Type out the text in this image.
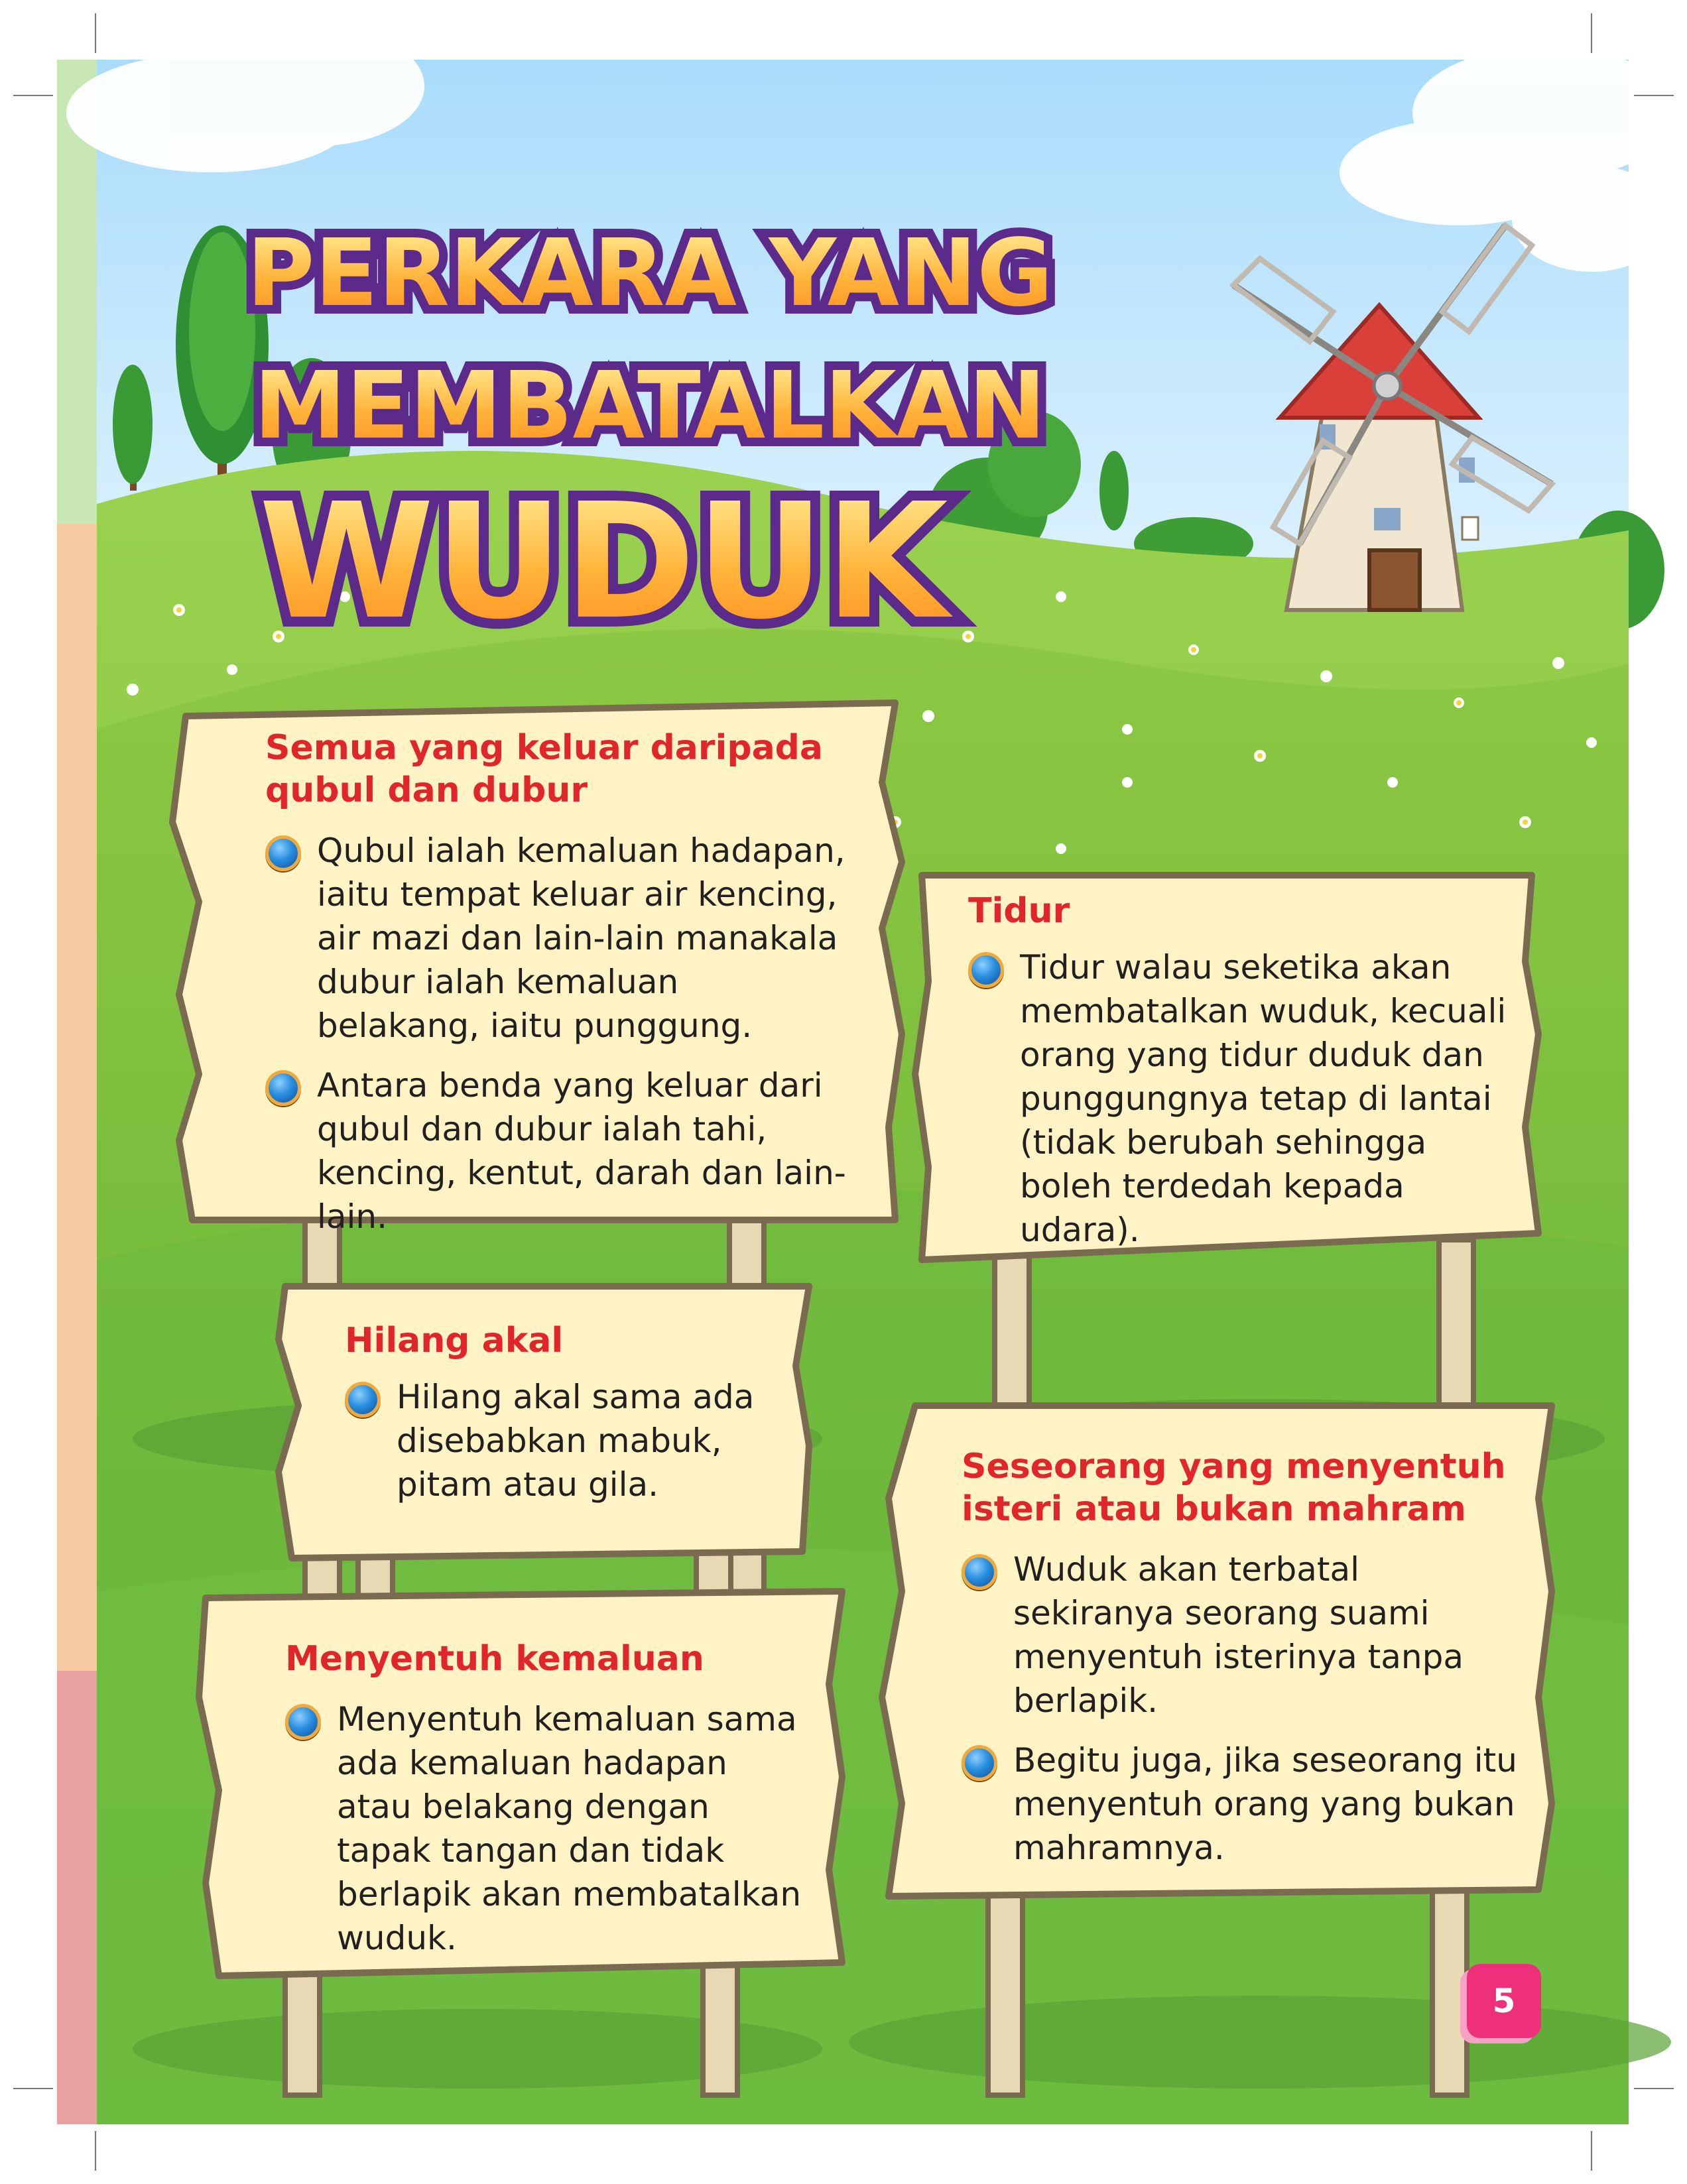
PERKARA YANG
MEMBATALKAN
WUDUK
Semua yang keluar daripada qubul dan dubur
Qubul ialah kemaluan hadapan, iaitu tempat keluar air kencing, air mazi dan lain-lain manakala dubur ialah kemaluan belakang, iaitu punggung.
Antara benda yang keluar dari qubul dan dubur ialah tahi, kencing, kentut, darah dan lain-lain.
Tidur
Tidur walau seketika akan membatalkan wuduk, kecuali orang yang tidur duduk dan punggungnya tetap di lantai (tidak berubah sehingga boleh terdedah kepada udara).
Hilang akal
Hilang akal sama ada disebabkan mabuk, pitam atau gila.	Seseorang yang menyentuh isteri atau bukan mahram
Wuduk akan terbatal sekiranya seorang suami menyentuh isterinya tanpa berlapik.
Begitu juga, jika seseorang itu menyentuh orang yang bukan mahramnya.
Menyentuh kemaluan
Menyentuh kemaluan sama ada kemaluan hadapan atau belakang dengan tapak tangan dan tidak berlapik akan membatalkan wuduk.
5
